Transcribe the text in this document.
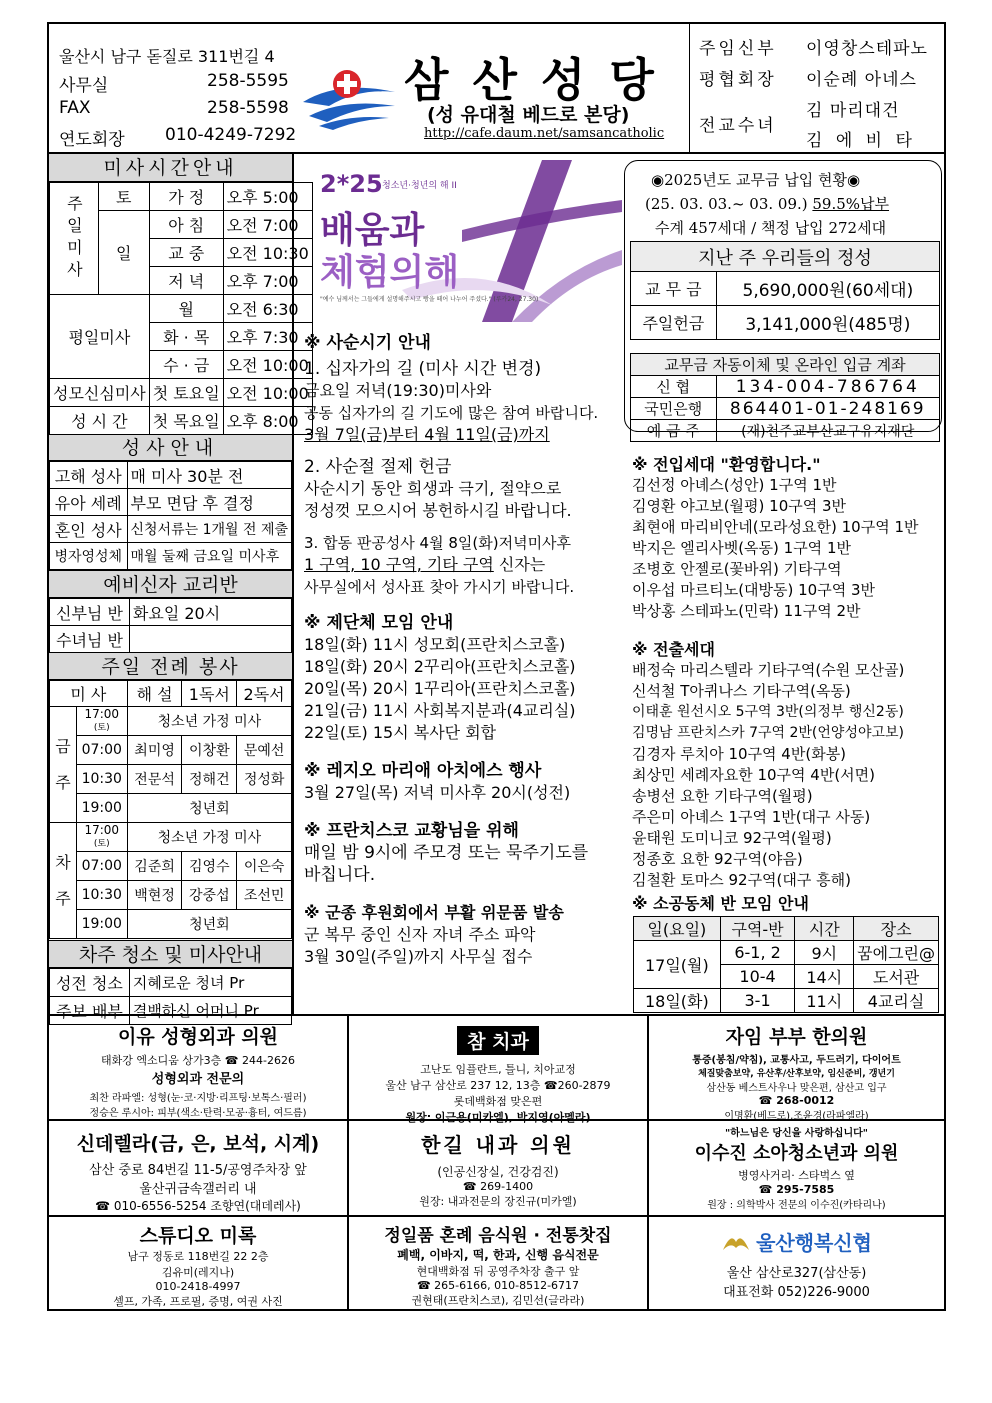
울산시 남구 돋질로 311번길 4
사무실	258-5595
FAX	258-5598
연도회장 010-4249-7292
삼 산 성 당
(성 유대철 베드로 본당)
http://cafe.daum.net/samsancatholic
주임신부 이영창스테파노
평협회장 이순례 아네스
전교수녀
김 마리대건
김 에 비 타
미사시간안내
주일미사	토	가 정	오후 5:00
	일	아 침	오전 7:00
		교 중	오전 10:30
		저 녁	오후 7:00
평일미사		월	오전 6:30
		화 · 목	오후 7:30
		수 · 금	오전 10:00
성모신심미사		첫 토요일	오전 10:00
성 시 간		첫 목요일	오후 8:00
성사안내
고해 성사	매 미사 30분 전
유아 세례	부모 면담 후 결정
혼인 성사	신청서류는 1개월 전 제출
병자영성체	매월 둘째 금요일 미사후
예비신자 교리반
신부님 반	화요일 20시
수녀님 반	
주일 전례 봉사
미 사		해 설	1독서	2독서
금주	17:00
(토)	청소년 가정 미사		
	07:00	최미영	이창환	문예선
	10:30	전문석	정해건	정성화
	19:00	청년회		
차주	17:00
(토)	청소년 가정 미사		
	07:00	김준희	김영수	이은숙
	10:30	백현정	강중섭	조선민
	19:00	청년회		
차주 청소 및 미사안내
성전 청소	지혜로운 청녀 Pr
주보 배부	결백하신 어머니 Pr
2*25 청소년·청년의 해 II
배움과
체험의해
"예수 님께서는 그들에게 설명해주시고 빵을 떼어 나누어 주셨다." (루카24, 27.30)

※ 사순시기 안내

1. 십자가의 길 (미사 시간 변경)

금요일 저녁(19:30)미사와

공동 십자가의 길 기도에 많은 참여 바랍니다.

3월 7일(금)부터 4월 11일(금)까지

2. 사순절 절제 헌금

사순시기 동안 희생과 극기, 절약으로

정성껏 모으시어 봉헌하시길 바랍니다.

3. 합동 판공성사 4월 8일(화)저녁미사후

1 구역, 10 구역, 기타 구역 신자는

사무실에서 성사표 찾아 가시기 바랍니다.

※ 제단체 모임 안내

18일(화) 11시 성모회(프란치스코홀)

18일(화) 20시 2꾸리아(프란치스코홀)

20일(목) 20시 1꾸리아(프란치스코홀)

21일(금) 11시 사회복지분과(4교리실)

22일(토) 15시 복사단 회합

※ 레지오 마리애 아치에스 행사

3월 27일(목) 저녁 미사후 20시(성전)

※ 프란치스코 교황님을 위해

매일 밤 9시에 주모경 또는 묵주기도를

바칩니다.

※ 군종 후원회에서 부활 위문품 발송

군 복무 중인 신자 자녀 주소 파악

3월 30일(주일)까지 사무실 접수

◉2025년도 교무금 납입 현황◉
(25. 03. 03.~ 03. 09.) 59.5%납부
수계 457세대 / 책정 납입 272세대
지난 주 우리들의 정성	
교 무 금	5,690,000원(60세대)
주일헌금	3,141,000원(485명)
교무금 자동이체 및 온라인 입금 계좌	
신 협	134-004-786764
국민은행	864401-01-248169
예 금 주	(재)천주교부산교구유지재단

※ 전입세대 "환영합니다."

김선정 아녜스(성안) 1구역 1반

김영환 야고보(월평) 10구역 3반

최현애 마리비안네(모라성요한) 10구역 1반

박지은 엘리사벳(옥동) 1구역 1반

조병호 안젤로(꽃바위) 기타구역

이우섭 마르티노(대방동) 10구역 3반

박상홍 스테파노(민락) 11구역 2반

※ 전출세대

배정숙 마리스텔라 기타구역(수원 모산골)

신석철 T아퀴나스 기타구역(옥동)

이태훈 원선시오 5구역 3반(의정부 행신2동)

김명남 프란치스카 7구역 2반(언양성야고보)

김경자 루치아 10구역 4반(화봉)

최상민 세례자요한 10구역 4반(서면)

송병선 요한 기타구역(월평)

주은미 아녜스 1구역 1반(대구 사동)

윤태원 도미니코 92구역(월평)

정종호 요한 92구역(야음)

김철환 토마스 92구역(대구 흥해)

※ 소공동체 반 모임 안내
일(요일)	구역-반	시간	장소
17일(월)	6-1, 2	9시	꿈에그린@
	10-4	14시	도서관
18일(화)	3-1	11시	4교리실
이유 성형외과 의원
태화강 엑소디움 상가3층 ☎ 244-2626
성형외과 전문의
최찬 라파엘: 성형(눈·코·지방·리프팅·보톡스·필러)
정승은 루시아: 피부(색소·탄력·모공·흉터, 여드름)
참 치과
고난도 임플란트, 틀니, 치아교정
울산 남구 삼산로 237 12, 13층 ☎260-2879
롯데백화점 맞은편
원장: 이근용(미카엘), 박지영(아멜라)
자임 부부 한의원
통증(봉침/약침), 교통사고, 두드러기, 다이어트
체질맞춤보약, 유산후/산후보약, 임신준비, 갱년기
삼산동 베스트사우나 맞은편, 삼산고 입구
☎ 268-0012
이명환(베드로),조윤경(라파엘라)
신데렐라(금, 은, 보석, 시계)
삼산 중로 84번길 11-5/공영주차장 앞
울산귀금속갤러리 내
☎ 010-6556-5254 조향연(대데레사)
한길 내과 의원
(인공신장실, 건강검진)
☎ 269-1400
원장: 내과전문의 장진규(미카엘)
"하느님은 당신을 사랑하십니다"
이수진 소아청소년과 의원
병영사거리· 스타벅스 옆
☎ 295-7585
원장 : 의학박사 전문의 이수진(카타리나)
스튜디오 미록
남구 정동로 118번길 22 2층
김유미(레지나)
010-2418-4997
셀프, 가족, 프로필, 증명, 여권 사진
정일품 혼례 음식원 · 전통찻집
폐백, 이바지, 떡, 한과, 신행 음식전문
현대백화점 뒤 공영주차장 출구 앞
☎ 265-6166, 010-8512-6717
권현태(프란치스코), 김민선(글라라)
울산행복신협
울산 삼산로327(삼산동)
대표전화 052)226-9000
